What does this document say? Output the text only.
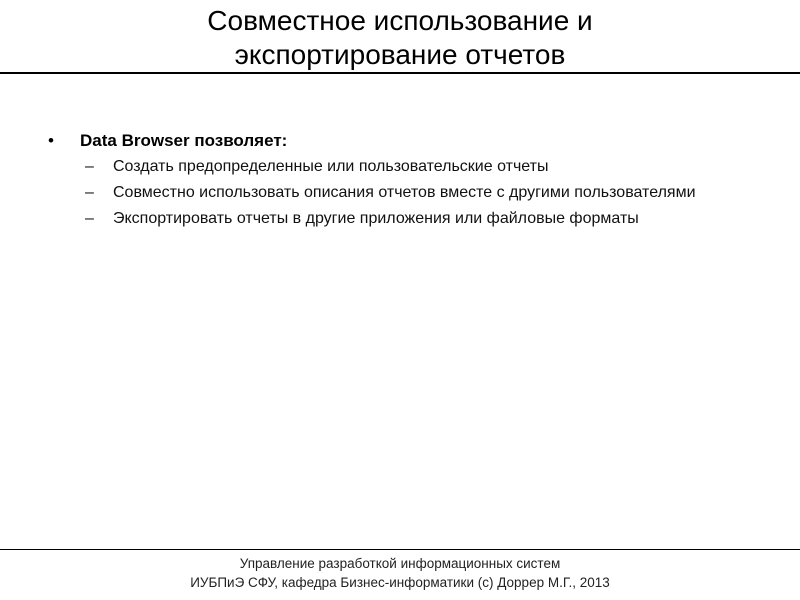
Совместное использование и
экспортирование отчетов
• Data Browser позволяет:
– Создать предопределенные или пользовательские отчеты
– Совместно использовать описания отчетов вместе с другими пользователями
– Экспортировать отчеты в другие приложения или файловые форматы
Управление разработкой информационных систем
ИУБПиЭ СФУ, кафедра Бизнес-информатики (c) Доррер М.Г., 2013
